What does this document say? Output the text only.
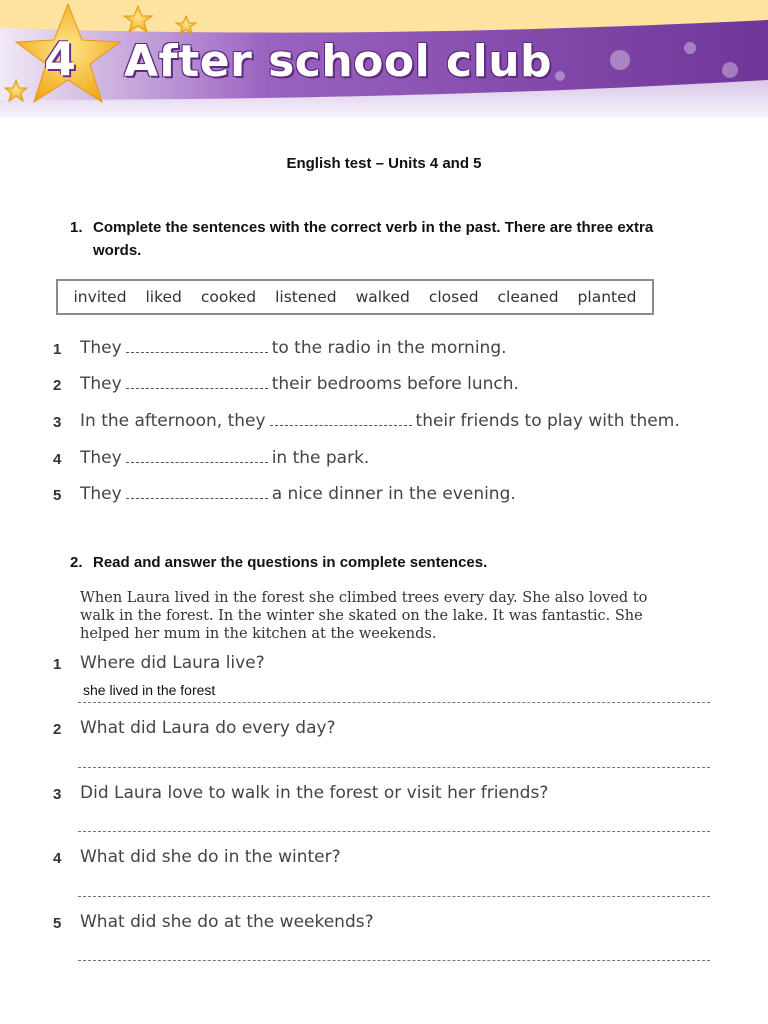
4 After school club
English test – Units 4 and 5
1. Complete the sentences with the correct verb in the past. There are three extra words.
invited liked cooked listened walked closed cleaned planted
1 They	to the radio in the morning.
2 They	their bedrooms before lunch.
3 In the afternoon, they	their friends to play with them.
4 They	in the park.
5 They	a nice dinner in the evening.
2. Read and answer the questions in complete sentences.
When Laura lived in the forest she climbed trees every day. She also loved to walk in the forest. In the winter she skated on the lake. It was fantastic. She helped her mum in the kitchen at the weekends.
1 Where did Laura live?
she lived in the forest
2 What did Laura do every day?
3 Did Laura love to walk in the forest or visit her friends?
4 What did she do in the winter?
5 What did she do at the weekends?
